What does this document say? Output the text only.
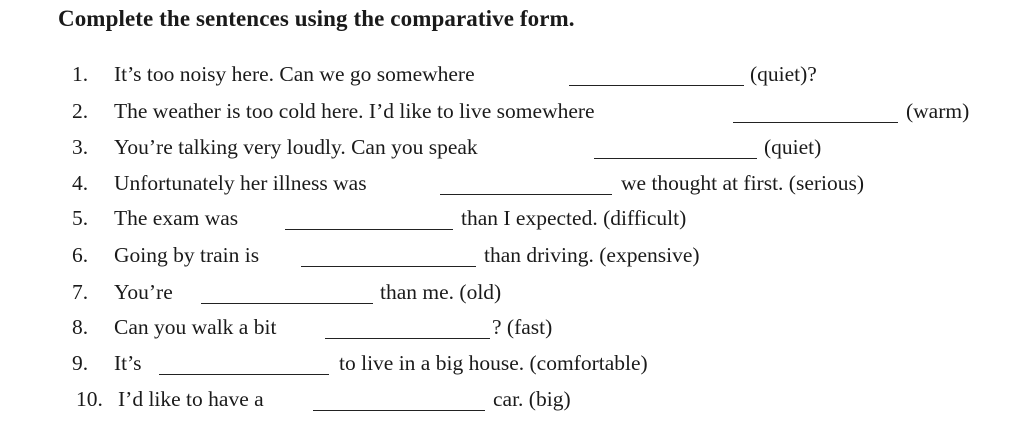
Complete the sentences using the comparative form.
1.	It’s too noisy here. Can we go somewhere	(quiet)?
2.	The weather is too cold here. I’d like to live somewhere	(warm)
3.	You’re talking very loudly. Can you speak	(quiet)
4.	Unfortunately her illness was	we thought at first. (serious)
5.	The exam was	than I expected. (difficult)
6.	Going by train is	than driving. (expensive)
7.	You’re	than me. (old)
8.	Can you walk a bit	? (fast)
9.	It’s	to live in a big house. (comfortable)
10. I’d like to have a	car. (big)
